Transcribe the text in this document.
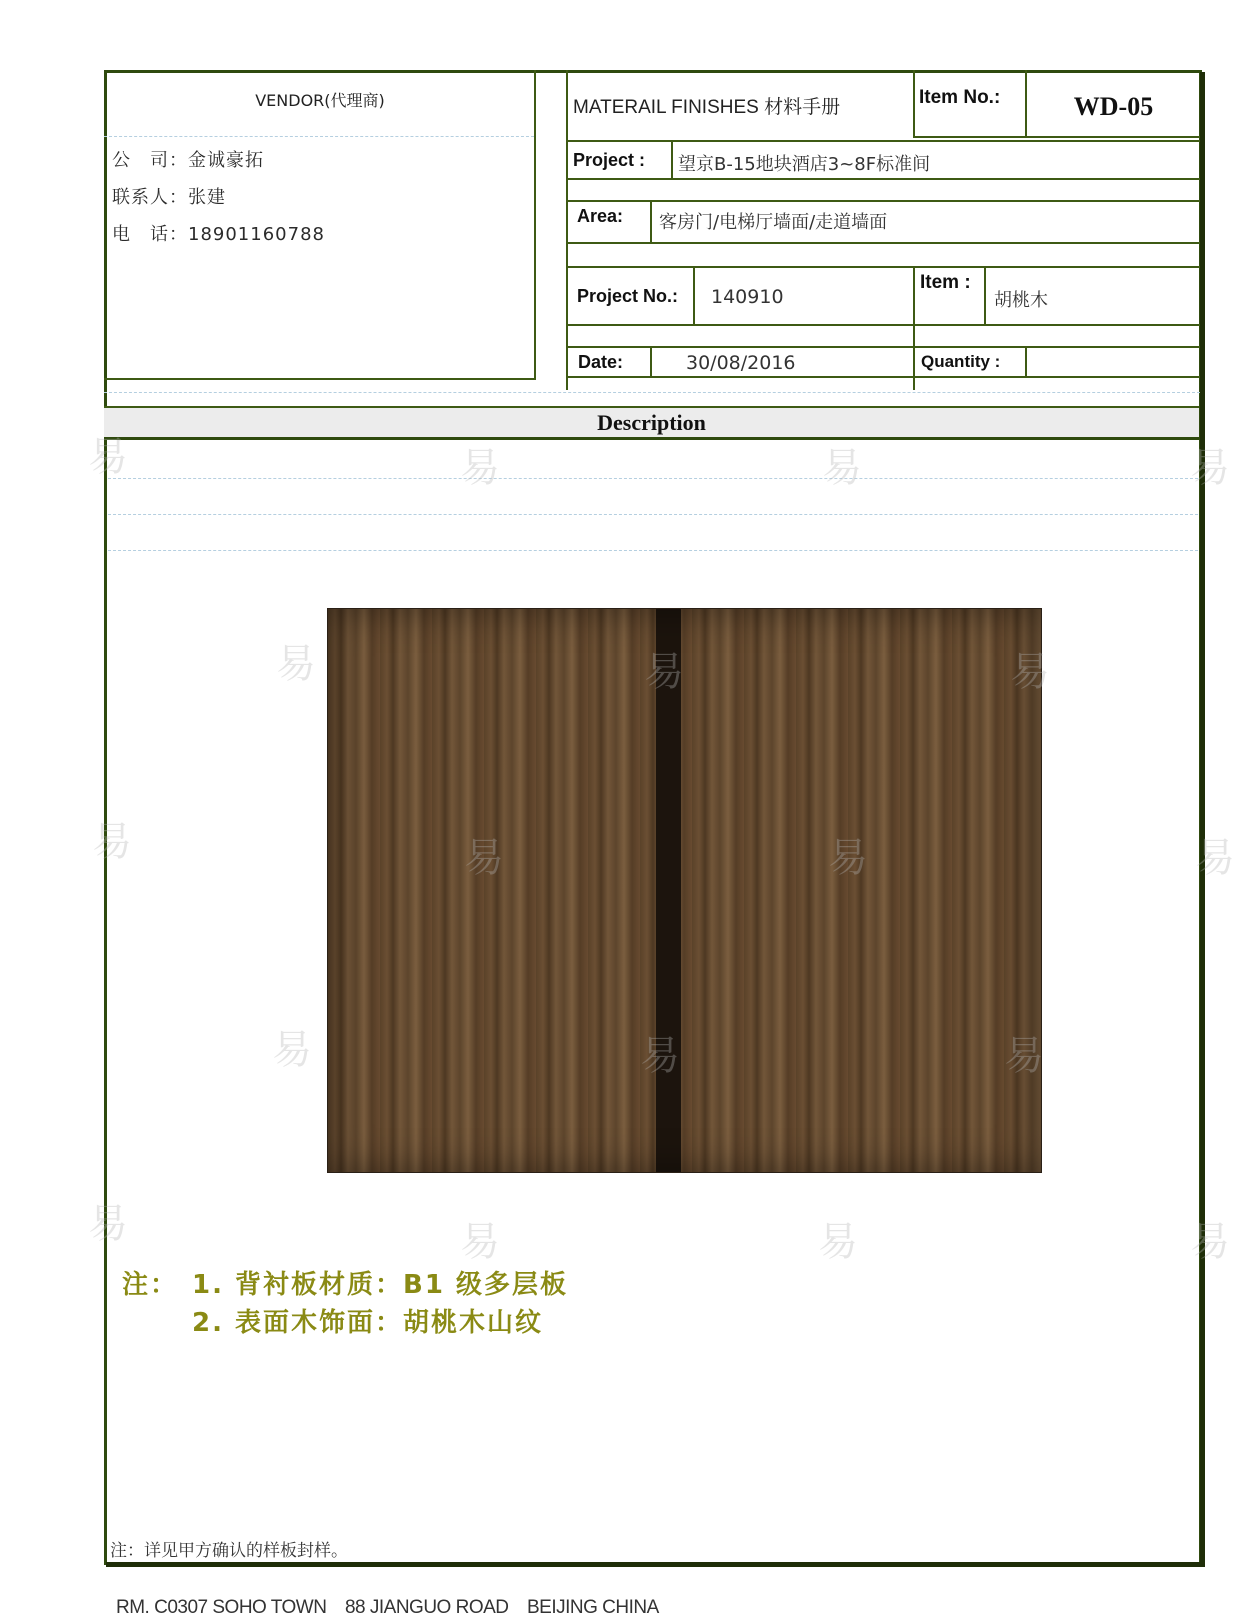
VENDOR(代理商)
公　司：金诚豪拓
联系人：张建
电　话：18901160788
MATERAIL FINISHES 材料手册	Item No.:	WD-05
Project : 望京B-15地块酒店3~8F标准间
Area: 客房门/电梯厅墙面/走道墙面
Project No.: 140910
Item :
胡桃木
Date:	30/08/2016	Quantity :
Description
易	易	易	易
易	易	易
易	易	易	易
易	易	易
易	易	易	易
注： 1. 背衬板材质：B1 级多层板
2. 表面木饰面：胡桃木山纹
注：详见甲方确认的样板封样。
RM. C0307 SOHO TOWN　88 JIANGUO ROAD　BEIJING CHINA
